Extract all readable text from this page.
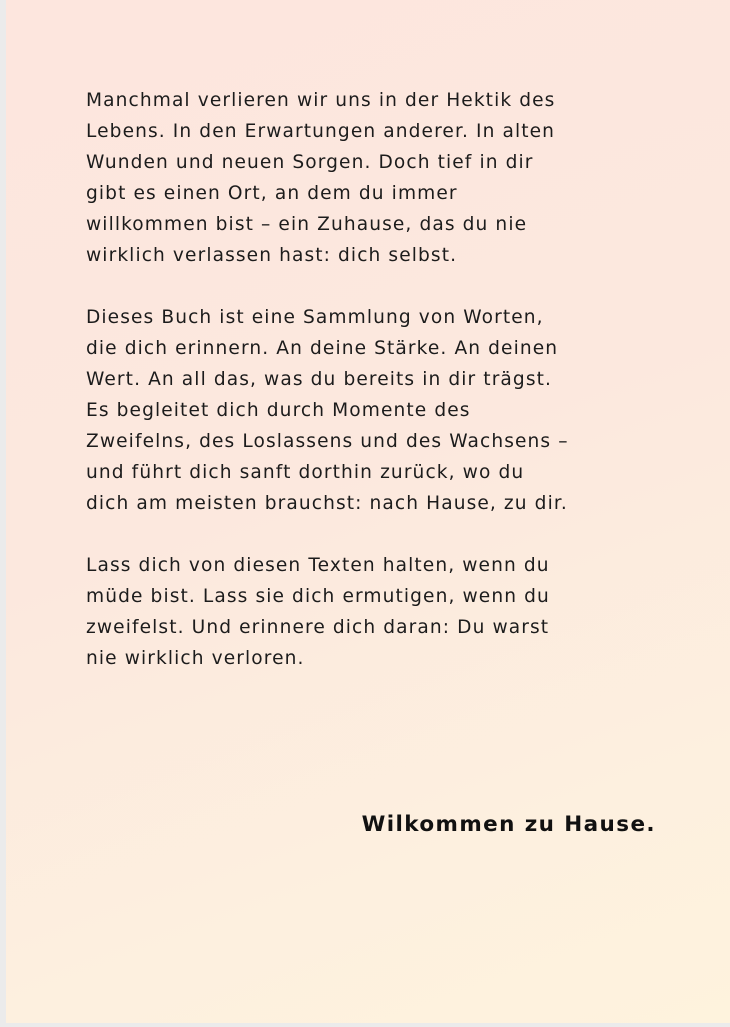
Manchmal verlieren wir uns in der Hektik des
Lebens. In den Erwartungen anderer. In alten
Wunden und neuen Sorgen. Doch tief in dir
gibt es einen Ort, an dem du immer
willkommen bist – ein Zuhause, das du nie
wirklich verlassen hast: dich selbst.

Dieses Buch ist eine Sammlung von Worten,
die dich erinnern. An deine Stärke. An deinen
Wert. An all das, was du bereits in dir trägst.
Es begleitet dich durch Momente des
Zweifelns, des Loslassens und des Wachsens –
und führt dich sanft dorthin zurück, wo du
dich am meisten brauchst: nach Hause, zu dir.

Lass dich von diesen Texten halten, wenn du
müde bist. Lass sie dich ermutigen, wenn du
zweifelst. Und erinnere dich daran: Du warst
nie wirklich verloren.

Wilkommen zu Hause.
